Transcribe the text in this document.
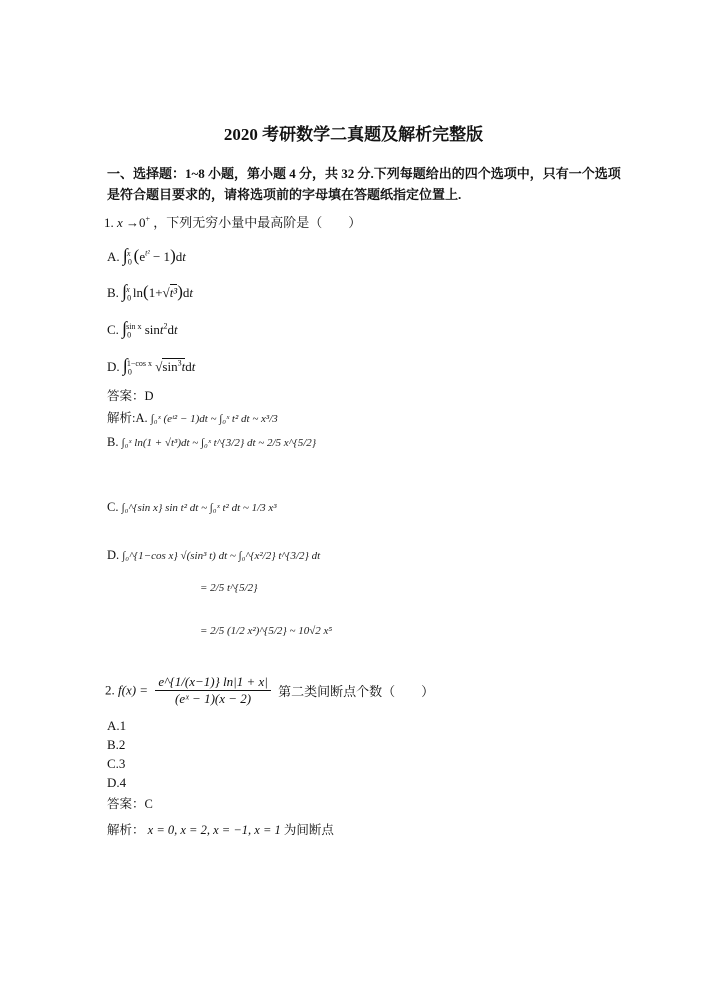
2020 考研数学二真题及解析完整版
一、选择题：1~8 小题，第小题 4 分，共 32 分.下列每题给出的四个选项中，只有一个选项
是符合题目要求的，请将选项前的字母填在答题纸指定位置上.
1. x →0+ ，下列无穷小量中最高阶是（　　）
A. $\int_0^x$ $(e^{t^2} - 1)dt$
B. $\int_0^x$ ln(1+√t³)dt
C. $\int_0^{sin x}$ sint$^2$dt
D. $\int_0^{1-cos x}$ $√\sin^3tdt$
答案：D
解析:A. ∫₀ˣ (eᵗ² − 1)dt ~ ∫₀ˣ t² dt ~ x³/3
B. ∫₀ˣ ln(1 + √t³)dt ~ ∫₀ˣ t^{3/2} dt ~ 2/5 x^{5/2}
C. ∫₀^{sin x} sin t² dt ~ ∫₀ˣ t² dt ~ 1/3 x³
D. ∫₀^{1−cos x} √(sin³ t) dt ~ ∫₀^{x²/2} t^{3/2} dt
= 2/5 t^{5/2}
= 2/5 (1/2 x²)^{5/2} ~ 10√2 x⁵
2. $f(x) = \frac{e\^{}\{1/(x-1)\} \ln|1 + x|}{\text{(eˣ − 1)(x − 2)}}$ 第二类间断点个数（　　）
A.1
B.2
C.3
D.4
答案：C
解析： x = 0, x = 2, x = −1, x = 1 为间断点
